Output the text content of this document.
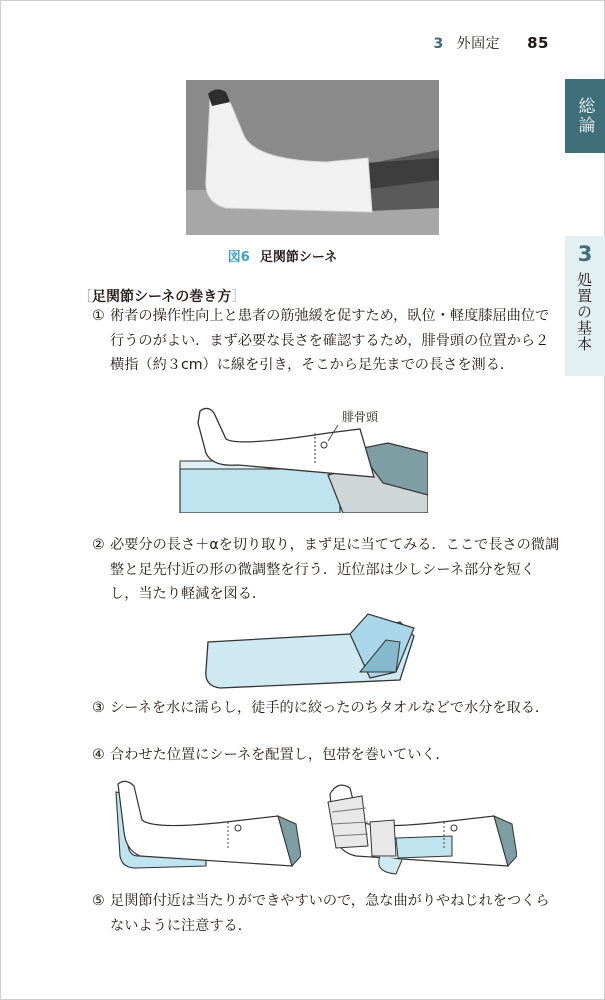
3 外固定 85
総論
3
処置の基本
図6 足関節シーネ
［足関節シーネの巻き方］
① 術者の操作性向上と患者の筋弛緩を促すため，臥位・軽度膝屈曲位で行うのがよい．まず必要な長さを確認するため，腓骨頭の位置から２横指（約３cm）に線を引き，そこから足先までの長さを測る．
腓骨頭
② 必要分の長さ＋αを切り取り，まず足に当ててみる．ここで長さの微調整と足先付近の形の微調整を行う．近位部は少しシーネ部分を短くし，当たり軽減を図る．
③ シーネを水に濡らし，徒手的に絞ったのちタオルなどで水分を取る．
④ 合わせた位置にシーネを配置し，包帯を巻いていく．
⑤ 足関節付近は当たりができやすいので，急な曲がりやねじれをつくらないように注意する．
